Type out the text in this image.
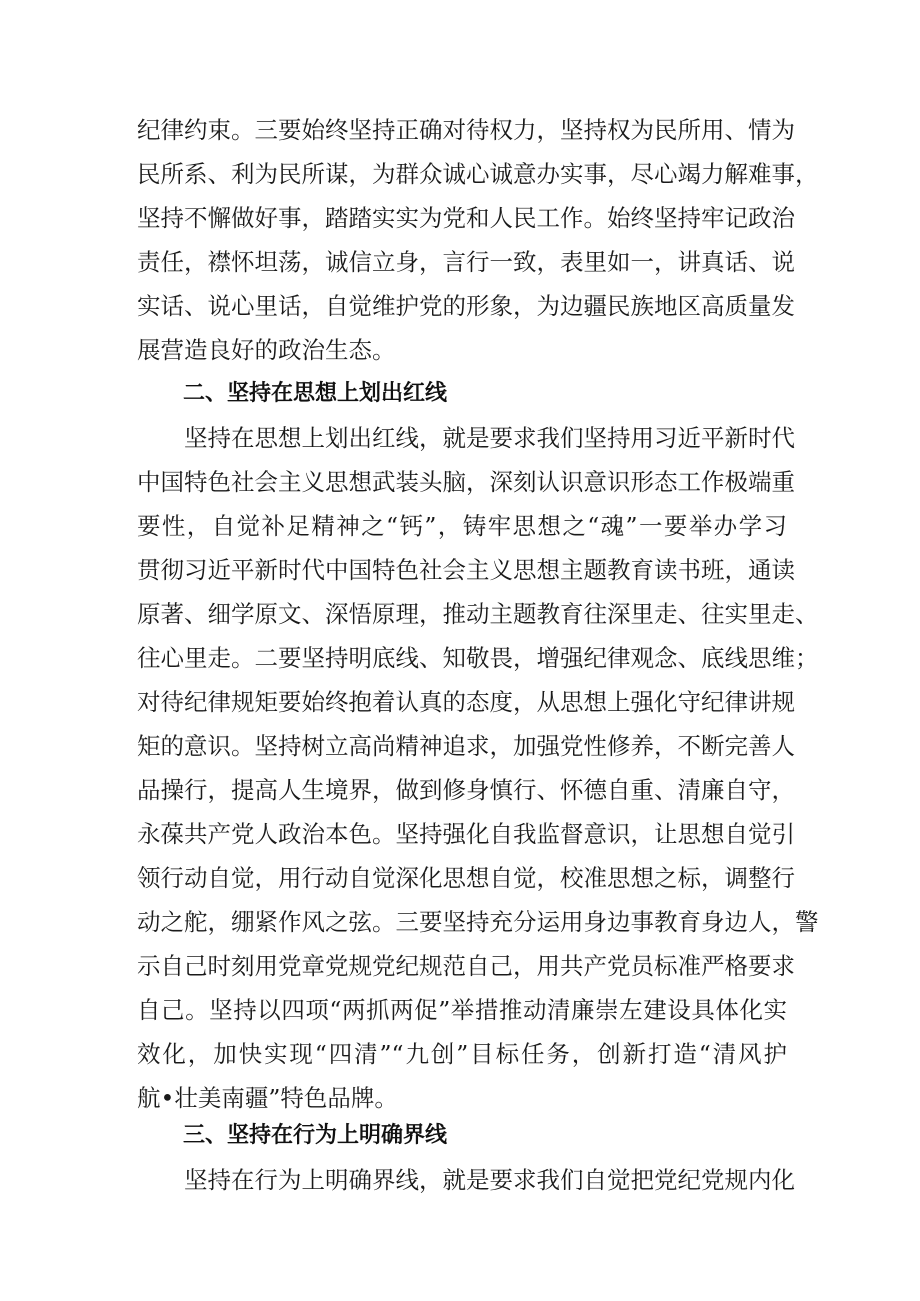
纪律约束。三要始终坚持正确对待权力，坚持权为民所用、情为
民所系、利为民所谋，为群众诚心诚意办实事，尽心竭力解难事，
坚持不懈做好事，踏踏实实为党和人民工作。始终坚持牢记政治
责任，襟怀坦荡，诚信立身，言行一致，表里如一，讲真话、说
实话、说心里话，自觉维护党的形象，为边疆民族地区高质量发
展营造良好的政治生态。
二、坚持在思想上划出红线
　　坚持在思想上划出红线，就是要求我们坚持用习近平新时代
中国特色社会主义思想武装头脑，深刻认识意识形态工作极端重
要性，自觉补足精神之“钙”，铸牢思想之“魂”一要举办学习
贯彻习近平新时代中国特色社会主义思想主题教育读书班，通读
原著、细学原文、深悟原理，推动主题教育往深里走、往实里走、
往心里走。二要坚持明底线、知敬畏，增强纪律观念、底线思维；
对待纪律规矩要始终抱着认真的态度，从思想上强化守纪律讲规
矩的意识。坚持树立高尚精神追求，加强党性修养，不断完善人
品操行，提高人生境界，做到修身慎行、怀德自重、清廉自守，
永葆共产党人政治本色。坚持强化自我监督意识，让思想自觉引
领行动自觉，用行动自觉深化思想自觉，校准思想之标，调整行
动之舵，绷紧作风之弦。三要坚持充分运用身边事教育身边人，警
示自己时刻用党章党规党纪规范自己，用共产党员标准严格要求
自己。坚持以四项“两抓两促”举措推动清廉崇左建设具体化实
效化，加快实现“四清”“九创”目标任务，创新打造“清风护
航•壮美南疆”特色品牌。
三、坚持在行为上明确界线
　　坚持在行为上明确界线，就是要求我们自觉把党纪党规内化
